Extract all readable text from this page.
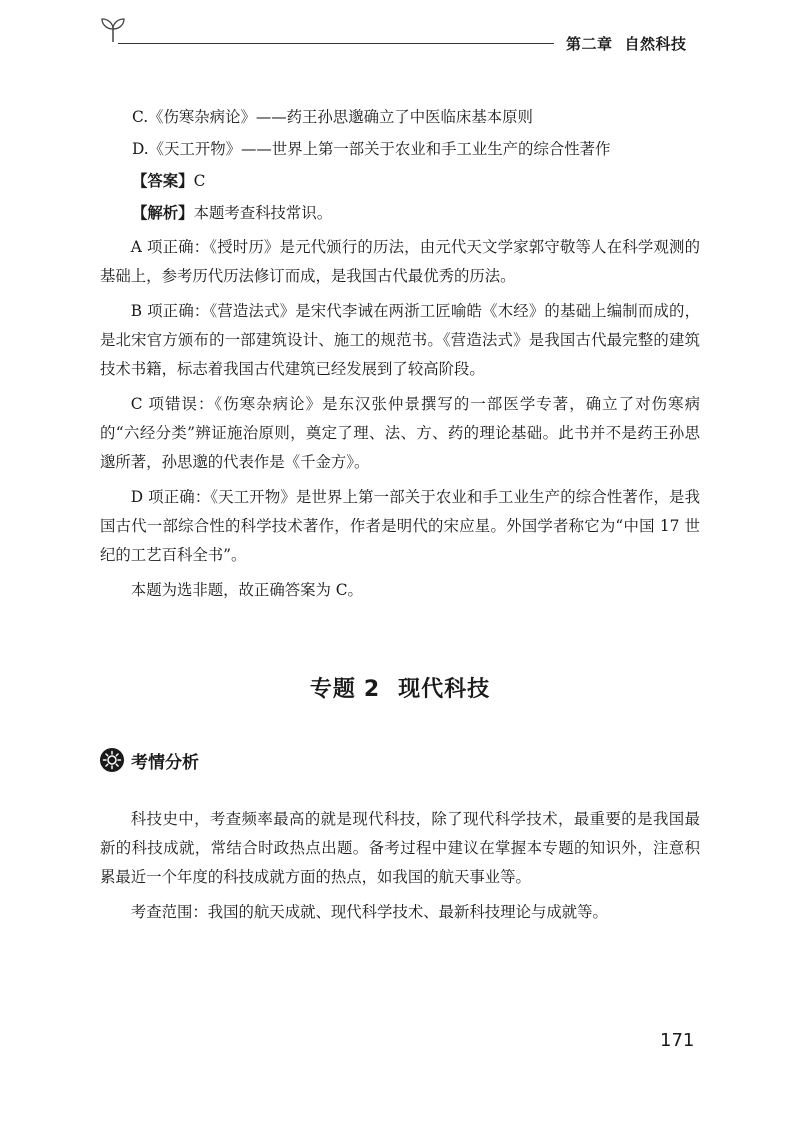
第二章 自然科技
C.《伤寒杂病论》——药王孙思邈确立了中医临床基本原则
D.《天工开物》——世界上第一部关于农业和手工业生产的综合性著作
【答案】C
【解析】本题考查科技常识。

A 项正确：《授时历》是元代颁行的历法，由元代天文学家郭守敬等人在科学观测的基础上，参考历代历法修订而成，是我国古代最优秀的历法。

B 项正确：《营造法式》是宋代李诫在两浙工匠喻皓《木经》的基础上编制而成的，是北宋官方颁布的一部建筑设计、施工的规范书。《营造法式》是我国古代最完整的建筑技术书籍，标志着我国古代建筑已经发展到了较高阶段。

C 项错误：《伤寒杂病论》是东汉张仲景撰写的一部医学专著，确立了对伤寒病的“六经分类”辨证施治原则，奠定了理、法、方、药的理论基础。此书并不是药王孙思邈所著，孙思邈的代表作是《千金方》。

D 项正确：《天工开物》是世界上第一部关于农业和手工业生产的综合性著作，是我国古代一部综合性的科学技术著作，作者是明代的宋应星。外国学者称它为“中国 17 世纪的工艺百科全书”。

本题为选非题，故正确答案为 C。

专题 2 现代科技
考情分析

科技史中，考查频率最高的就是现代科技，除了现代科学技术，最重要的是我国最新的科技成就，常结合时政热点出题。备考过程中建议在掌握本专题的知识外，注意积累最近一个年度的科技成就方面的热点，如我国的航天事业等。

考查范围：我国的航天成就、现代科学技术、最新科技理论与成就等。

171
